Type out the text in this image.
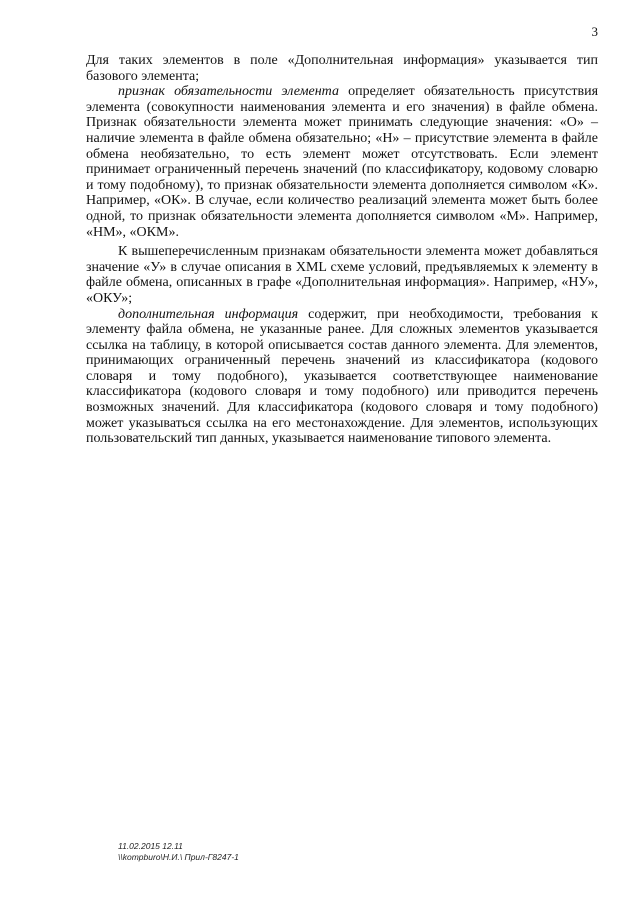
3

Для таких элементов в поле «Дополнительная информация» указывается тип базового элемента;

признак обязательности элемента определяет обязательность присутствия элемента (совокупности наименования элемента и его значения) в файле обмена. Признак обязательности элемента может принимать следующие значения: «О» – наличие элемента в файле обмена обязательно; «Н» – присутствие элемента в файле обмена необязательно, то есть элемент может отсутствовать. Если элемент принимает ограниченный перечень значений (по классификатору, кодовому словарю и тому подобному), то признак обязательности элемента дополняется символом «К». Например, «ОК». В случае, если количество реализаций элемента может быть более одной, то признак обязательности элемента дополняется символом «М». Например, «НМ», «ОКМ».

К вышеперечисленным признакам обязательности элемента может добавляться значение «У» в случае описания в XML схеме условий, предъявляемых к элементу в файле обмена, описанных в графе «Дополнительная информация». Например, «НУ», «ОКУ»;

дополнительная информация содержит, при необходимости, требования к элементу файла обмена, не указанные ранее. Для сложных элементов указывается ссылка на таблицу, в которой описывается состав данного элемента. Для элементов, принимающих ограниченный перечень значений из классификатора (кодового словаря и тому подобного), указывается соответствующее наименование классификатора (кодового словаря и тому подобного) или приводится перечень возможных значений. Для классификатора (кодового словаря и тому подобного) может указываться ссылка на его местонахождение. Для элементов, использующих пользовательский тип данных, указывается наименование типового элемента.

11.02.2015 12.11
\\kompburo\Н.И.\ Прил-Г8247-1
